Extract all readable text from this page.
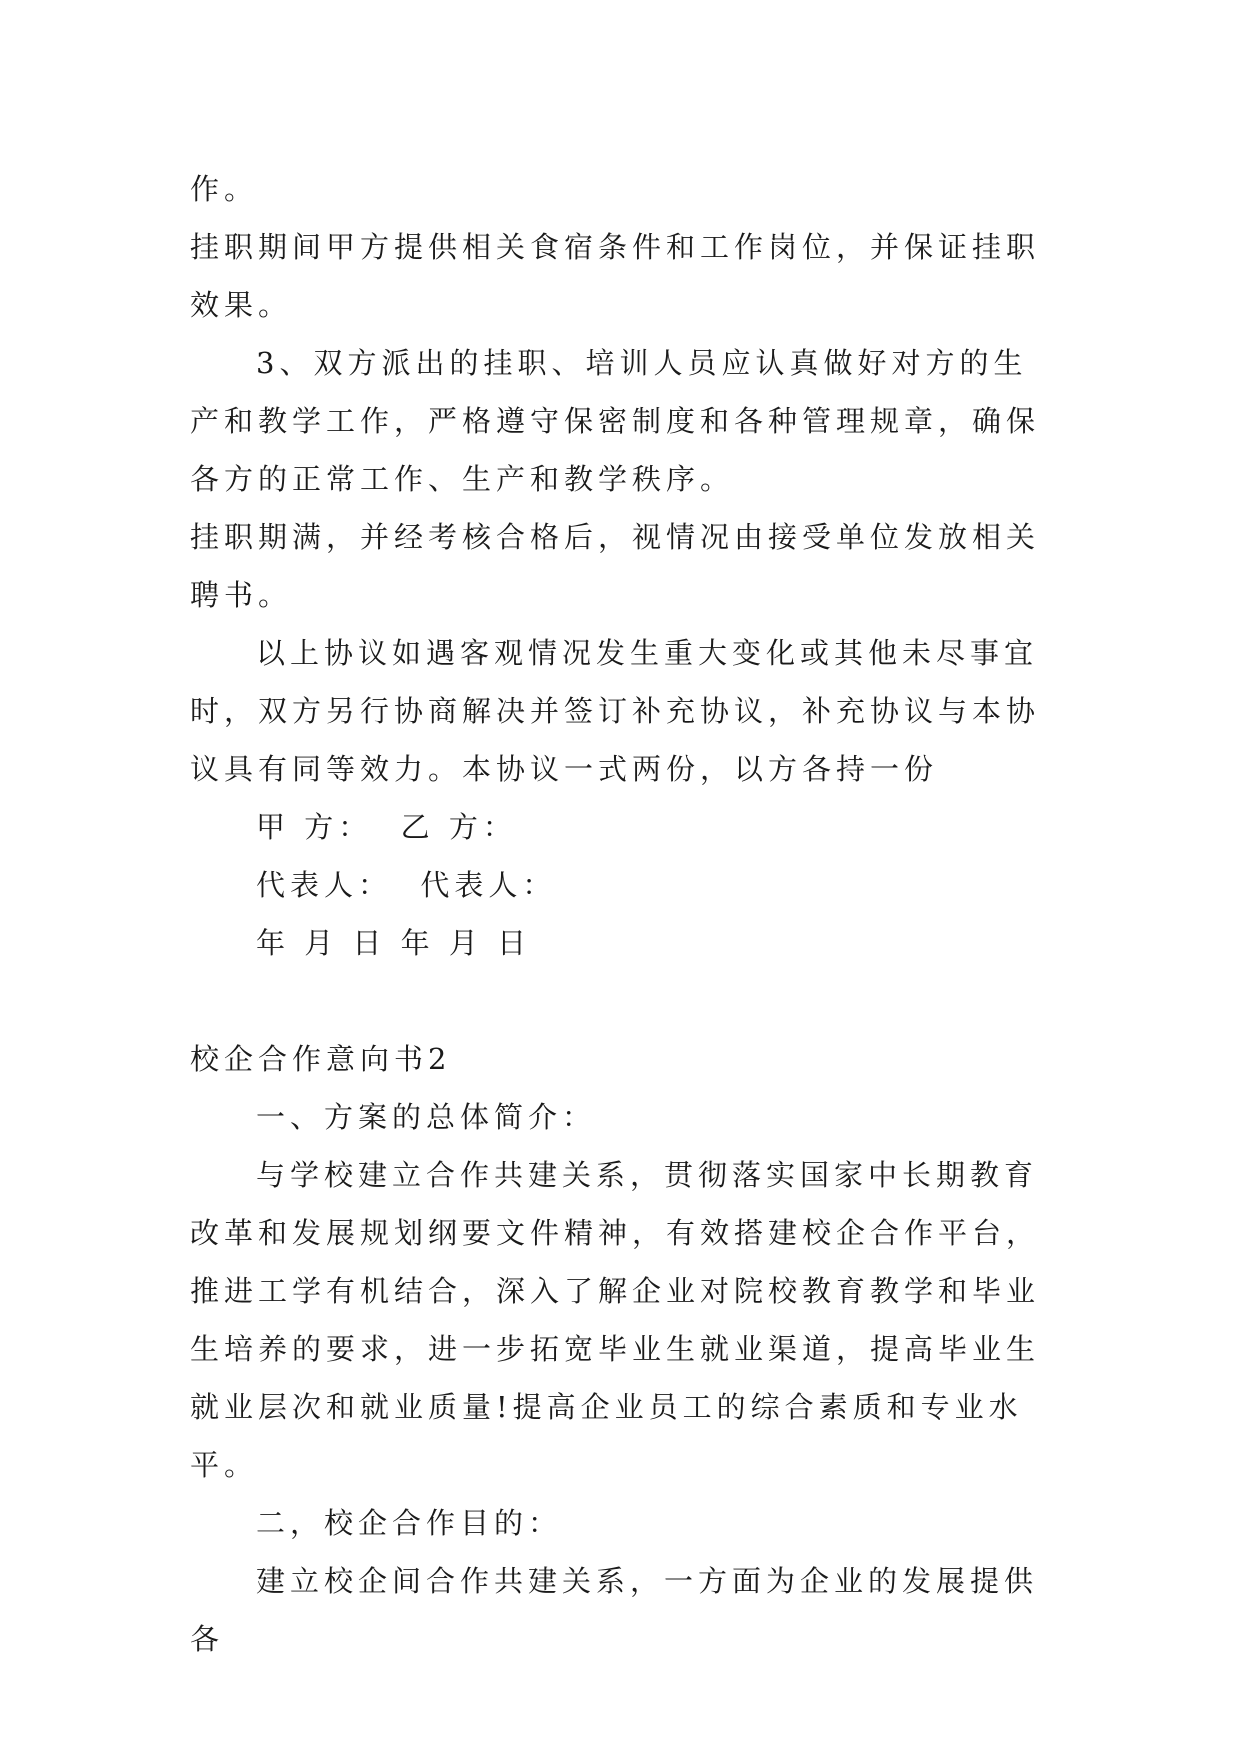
作。

挂职期间甲方提供相关食宿条件和工作岗位，并保证挂职效果。

3、双方派出的挂职、培训人员应认真做好对方的生产和教学工作，严格遵守保密制度和各种管理规章，确保各方的正常工作、生产和教学秩序。

挂职期满，并经考核合格后，视情况由接受单位发放相关聘书。

以上协议如遇客观情况发生重大变化或其他未尽事宜时，双方另行协商解决并签订补充协议，补充协议与本协议具有同等效力。本协议一式两份，以方各持一份

甲 方：  乙 方：

代表人：  代表人：

年 月 日 年 月 日

校企合作意向书2

一、方案的总体简介：

与学校建立合作共建关系，贯彻落实国家中长期教育改革和发展规划纲要文件精神，有效搭建校企合作平台，推进工学有机结合，深入了解企业对院校教育教学和毕业生培养的要求，进一步拓宽毕业生就业渠道，提高毕业生就业层次和就业质量!提高企业员工的综合素质和专业水平。

二，校企合作目的：

建立校企间合作共建关系，一方面为企业的发展提供各
